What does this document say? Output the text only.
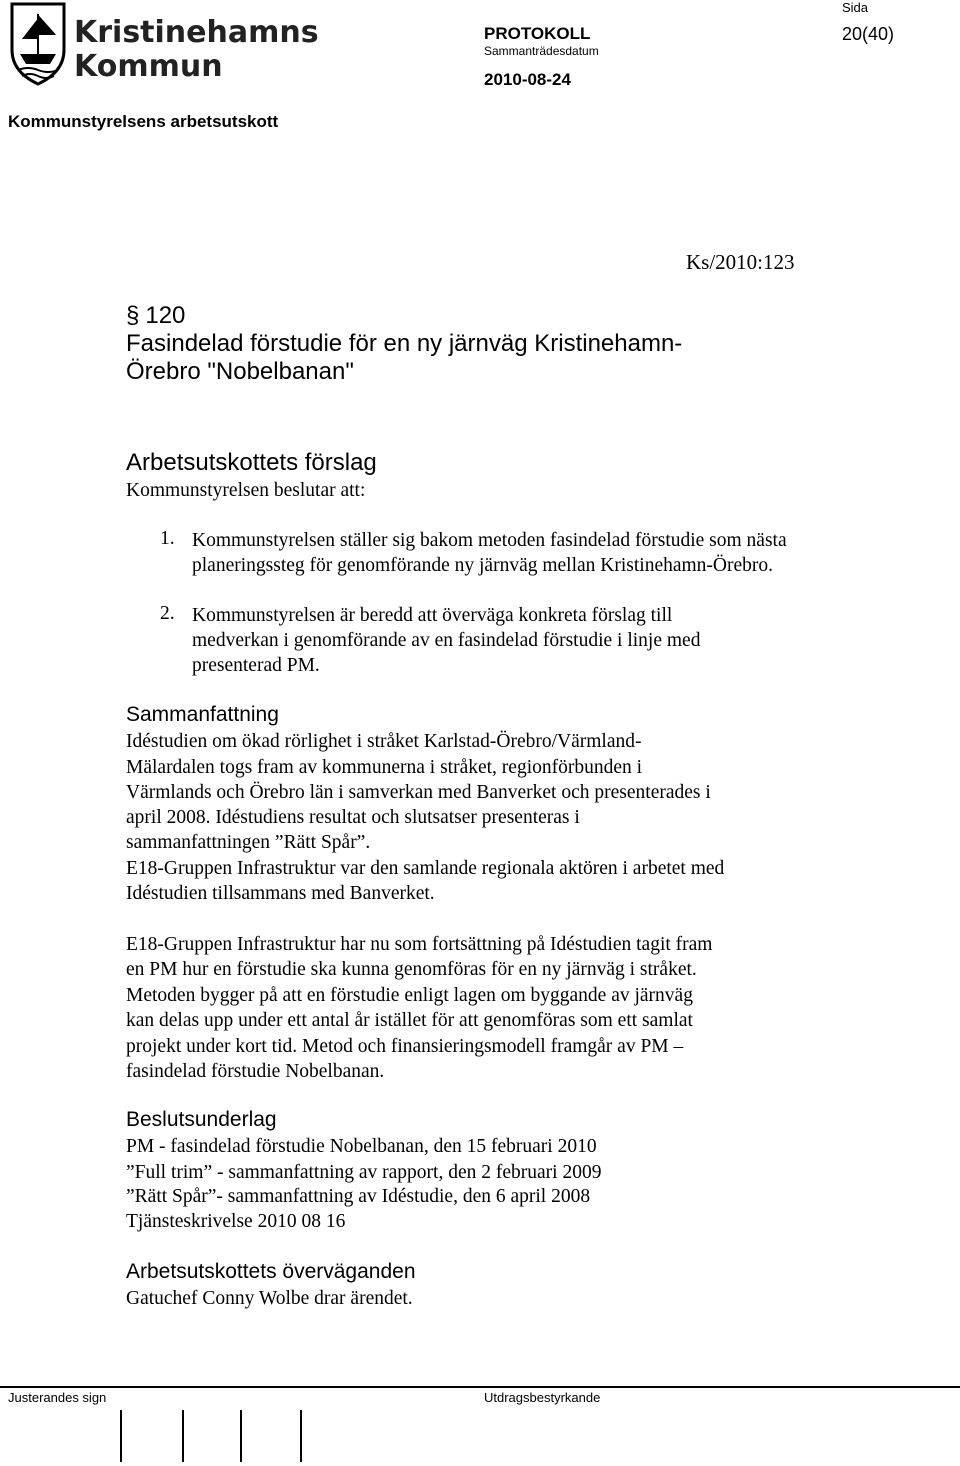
Kristinehamns
Kommun
Sida
20(40)
PROTOKOLL
Sammanträdesdatum
2010-08-24
Kommunstyrelsens arbetsutskott
Ks/2010:123
§ 120
Fasindelad förstudie för en ny järnväg Kristinehamn-
Örebro "Nobelbanan"
Arbetsutskottets förslag
Kommunstyrelsen beslutar att:
1. Kommunstyrelsen ställer sig bakom metoden fasindelad förstudie som nästa
planeringssteg för genomförande ny järnväg mellan Kristinehamn-Örebro.
2. Kommunstyrelsen är beredd att överväga konkreta förslag till
medverkan i genomförande av en fasindelad förstudie i linje med
presenterad PM.
Sammanfattning
Idéstudien om ökad rörlighet i stråket Karlstad-Örebro/Värmland-
Mälardalen togs fram av kommunerna i stråket, regionförbunden i
Värmlands och Örebro län i samverkan med Banverket och presenterades i
april 2008. Idéstudiens resultat och slutsatser presenteras i
sammanfattningen ”Rätt Spår”.
E18-Gruppen Infrastruktur var den samlande regionala aktören i arbetet med
Idéstudien tillsammans med Banverket.
E18-Gruppen Infrastruktur har nu som fortsättning på Idéstudien tagit fram
en PM hur en förstudie ska kunna genomföras för en ny järnväg i stråket.
Metoden bygger på att en förstudie enligt lagen om byggande av järnväg
kan delas upp under ett antal år istället för att genomföras som ett samlat
projekt under kort tid. Metod och finansieringsmodell framgår av PM –
fasindelad förstudie Nobelbanan.
Beslutsunderlag
PM - fasindelad förstudie Nobelbanan, den 15 februari 2010
”Full trim” - sammanfattning av rapport, den 2 februari 2009
”Rätt Spår”- sammanfattning av Idéstudie, den 6 april 2008
Tjänsteskrivelse 2010 08 16
Arbetsutskottets överväganden
Gatuchef Conny Wolbe drar ärendet.
Justerandes sign	Utdragsbestyrkande
